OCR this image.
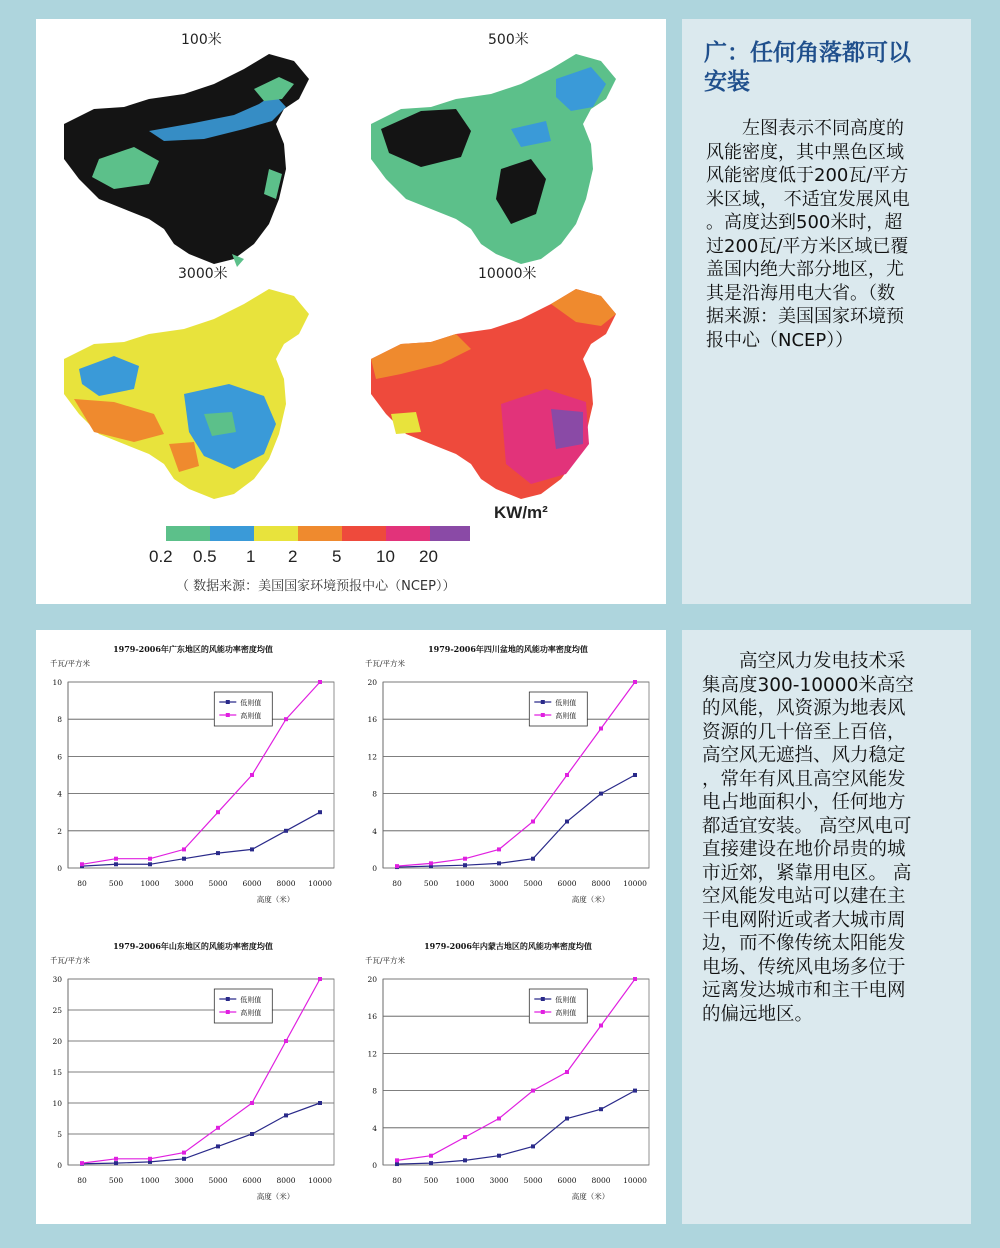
100米	500米
3000米	10000米
0.2 0.5 1 2 5 10 20
KW/m²
（ 数据来源：美国国家环境预报中心（NCEP））
广：任何角落都可以
安装
　　左图表示不同高度的
风能密度，其中黑色区域
风能密度低于200瓦/平方
米区域， 不适宜发展风电
。高度达到500米时，超
过200瓦/平方米区域已覆
盖国内绝大部分地区，尤
其是沿海用电大省。（数
据来源：美国国家环境预
报中心（NCEP））
1979-2006年广东地区的风能功率密度均值
千瓦/平方米
0
2
4
6
8
10
80	500 1000 3000 5000 6000 8000 10000
高度（米）
低则值
高则值
1979-2006年四川盆地的风能功率密度均值
千瓦/平方米
0
4
8
12
16
20
80	500 1000 3000 5000 6000 8000 10000
高度（米）
低则值
高则值
1979-2006年山东地区的风能功率密度均值
千瓦/平方米
0
5
10
15
20
25
30
80	500 1000 3000 5000 6000 8000 10000
高度（米）
低则值
高则值
1979-2006年内蒙古地区的风能功率密度均值
千瓦/平方米
0
4
8
12
16
20
80	500 1000 3000 5000 6000 8000 10000
高度（米）
低则值
高则值
　　高空风力发电技术采
集高度300-10000米高空
的风能，风资源为地表风
资源的几十倍至上百倍，
高空风无遮挡、风力稳定
，常年有风且高空风能发
电占地面积小，任何地方
都适宜安装。 高空风电可
直接建设在地价昂贵的城
市近郊，紧靠用电区。 高
空风能发电站可以建在主
干电网附近或者大城市周
边，而不像传统太阳能发
电场、传统风电场多位于
远离发达城市和主干电网
的偏远地区。
